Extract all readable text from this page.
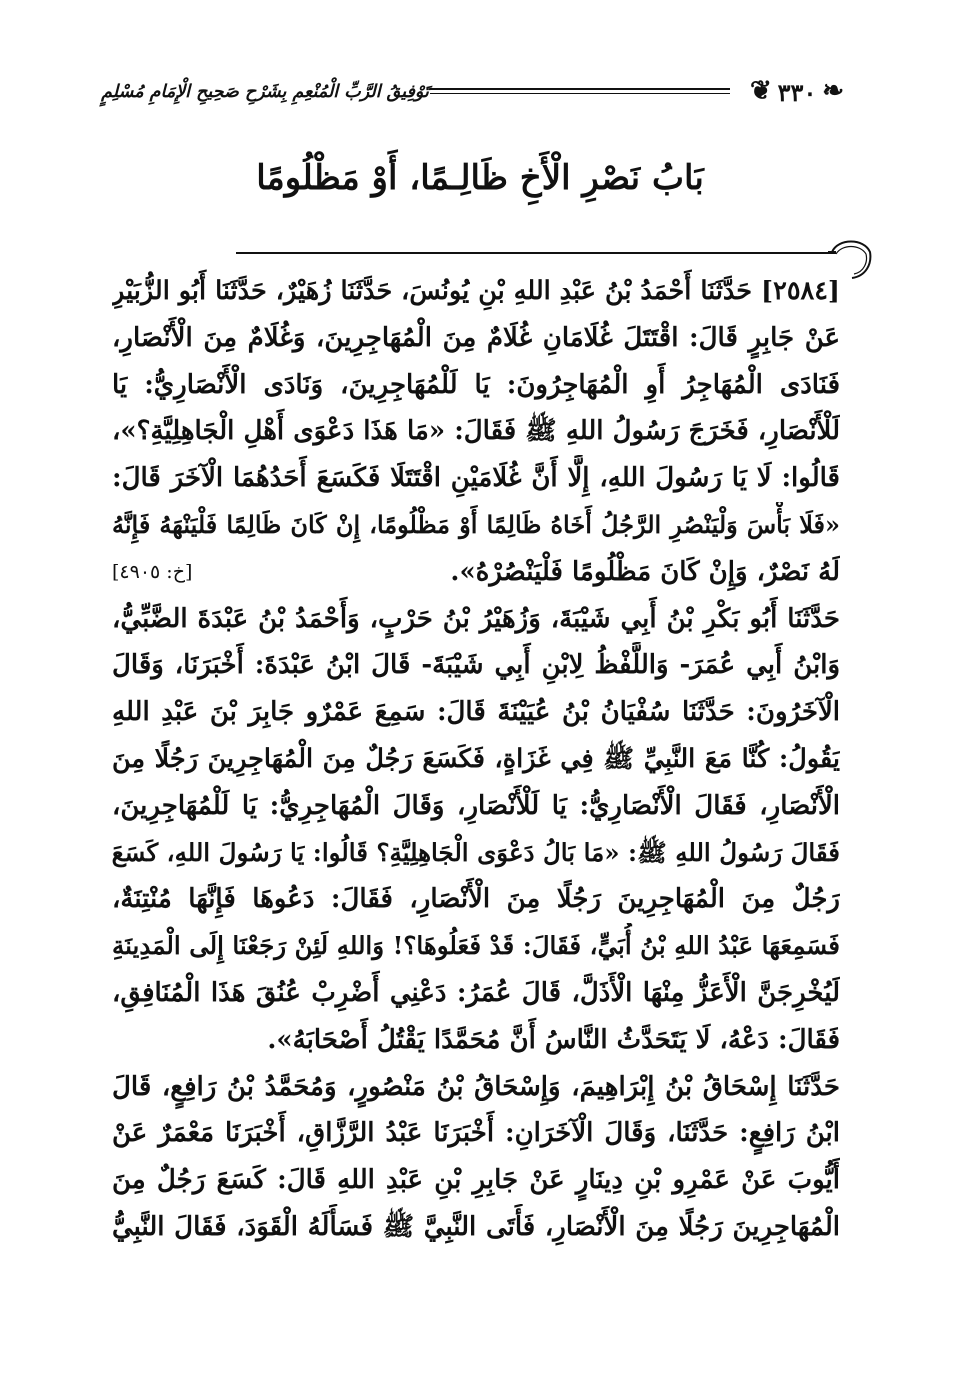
❦ ٣٣٠ ❧
تَوْفِيقُ الرَّبِّ الْمُنْعِمِ بِشَرْحِ صَحِيحِ الْإِمَامِ مُسْلِمٍ
بَابُ نَصْرِ الْأَخِ ظَالِـمًا، أَوْ مَظْلُومًا
[٢٥٨٤] حَدَّثَنَا أَحْمَدُ بْنُ عَبْدِ اللهِ بْنِ يُونُسَ، حَدَّثَنَا زُهَيْرٌ، حَدَّثَنَا أَبُو الزُّبَيْرِ
عَنْ جَابِرٍ قَالَ: اقْتَتَلَ غُلَامَانِ غُلَامٌ مِنَ الْمُهَاجِرِينَ، وَغُلَامٌ مِنَ الْأَنْصَارِ،
فَنَادَى الْمُهَاجِرُ أَوِ الْمُهَاجِرُونَ: يَا لَلْمُهَاجِرِينَ، وَنَادَى الْأَنْصَارِيُّ: يَا
لَلْأَنْصَارِ، فَخَرَجَ رَسُولُ اللهِ ﷺ فَقَالَ: «مَا هَذَا دَعْوَى أَهْلِ الْجَاهِلِيَّةِ؟»،
قَالُوا: لَا يَا رَسُولَ اللهِ، إِلَّا أَنَّ غُلَامَيْنِ اقْتَتَلَا فَكَسَعَ أَحَدُهُمَا الْآخَرَ قَالَ:
«فَلَا بَأْسَ وَلْيَنْصُرِ الرَّجُلُ أَخَاهُ ظَالِمًا أَوْ مَظْلُومًا، إِنْ كَانَ ظَالِمًا فَلْيَنْهَهُ فَإِنَّهُ
[خ: ٤٩٠٥]	لَهُ نَصْرٌ، وَإِنْ كَانَ مَظْلُومًا فَلْيَنْصُرْهُ».
حَدَّثَنَا أَبُو بَكْرِ بْنُ أَبِي شَيْبَةَ، وَزُهَيْرُ بْنُ حَرْبٍ، وَأَحْمَدُ بْنُ عَبْدَةَ الضَّبِّيُّ،
وَابْنُ أَبِي عُمَرَ- وَاللَّفْظُ لِابْنِ أَبِي شَيْبَةَ- قَالَ ابْنُ عَبْدَةَ: أَخْبَرَنَا، وَقَالَ
الْآخَرُونَ: حَدَّثَنَا سُفْيَانُ بْنُ عُيَيْنَةَ قَالَ: سَمِعَ عَمْرٌو جَابِرَ بْنَ عَبْدِ اللهِ
يَقُولُ: كُنَّا مَعَ النَّبِيِّ ﷺ فِي غَزَاةٍ، فَكَسَعَ رَجُلٌ مِنَ الْمُهَاجِرِينَ رَجُلًا مِنَ
الْأَنْصَارِ، فَقَالَ الْأَنْصَارِيُّ: يَا لَلْأَنْصَارِ، وَقَالَ الْمُهَاجِرِيُّ: يَا لَلْمُهَاجِرِينَ،
فَقَالَ رَسُولُ اللهِ ﷺ: «مَا بَالُ دَعْوَى الْجَاهِلِيَّةِ؟ قَالُوا: يَا رَسُولَ اللهِ، كَسَعَ
رَجُلٌ مِنَ الْمُهَاجِرِينَ رَجُلًا مِنَ الْأَنْصَارِ، فَقَالَ: دَعُوهَا فَإِنَّهَا مُنْتِنَةٌ،
فَسَمِعَهَا عَبْدُ اللهِ بْنُ أُبَيٍّ، فَقَالَ: قَدْ فَعَلُوهَا؟! وَاللهِ لَئِنْ رَجَعْنَا إِلَى الْمَدِينَةِ
لَيُخْرِجَنَّ الْأَعَزُّ مِنْهَا الْأَذَلَّ، قَالَ عُمَرُ: دَعْنِي أَضْرِبْ عُنُقَ هَذَا الْمُنَافِقِ،
فَقَالَ: دَعْهُ، لَا يَتَحَدَّثُ النَّاسُ أَنَّ مُحَمَّدًا يَقْتُلُ أَصْحَابَهُ».
حَدَّثَنَا إِسْحَاقُ بْنُ إِبْرَاهِيمَ، وَإِسْحَاقُ بْنُ مَنْصُورٍ، وَمُحَمَّدُ بْنُ رَافِعٍ، قَالَ
ابْنُ رَافِعٍ: حَدَّثَنَا، وَقَالَ الْآخَرَانِ: أَخْبَرَنَا عَبْدُ الرَّزَّاقِ، أَخْبَرَنَا مَعْمَرٌ عَنْ
أَيُّوبَ عَنْ عَمْرِو بْنِ دِينَارٍ عَنْ جَابِرِ بْنِ عَبْدِ اللهِ قَالَ: كَسَعَ رَجُلٌ مِنَ
الْمُهَاجِرِينَ رَجُلًا مِنَ الْأَنْصَارِ، فَأَتَى النَّبِيَّ ﷺ فَسَأَلَهُ الْقَوَدَ، فَقَالَ النَّبِيُّ
